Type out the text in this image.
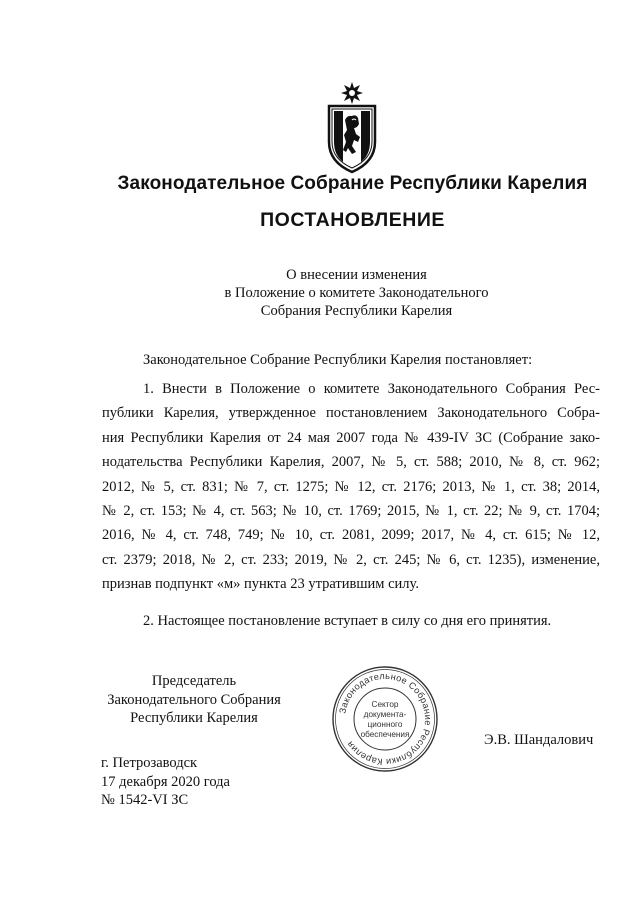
Законодательное Собрание Республики Карелия
ПОСТАНОВЛЕНИЕ
О внесении изменения
в Положение о комитете Законодательного
Собрания Республики Карелия
Законодательное Собрание Республики Карелия постановляет:
1. Внести в Положение о комитете Законодательного Собрания Рес-
публики Карелия, утвержденное постановлением Законодательного Собра-
ния Республики Карелия от 24 мая 2007 года № 439-IV ЗС (Собрание зако-
нодательства Республики Карелия, 2007, № 5, ст. 588; 2010, № 8, ст. 962;
2012, № 5, ст. 831; № 7, ст. 1275; № 12, ст. 2176; 2013, № 1, ст. 38; 2014,
№ 2, ст. 153; № 4, ст. 563; № 10, ст. 1769; 2015, № 1, ст. 22; № 9, ст. 1704;
2016, № 4, ст. 748, 749; № 10, ст. 2081, 2099; 2017, № 4, ст. 615; № 12,
ст. 2379; 2018, № 2, ст. 233; 2019, № 2, ст. 245; № 6, ст. 1235), изменение,
признав подпункт «м» пункта 23 утратившим силу.
2. Настоящее постановление вступает в силу со дня его принятия.
Председатель
Законодательного Собрания
Республики Карелия	Законодательное Собрание Республики Карелия
Сектор
документа-
ционного
обеспечения	Э.В. Шандалович
г. Петрозаводск
17 декабря 2020 года
№ 1542-VI ЗС
